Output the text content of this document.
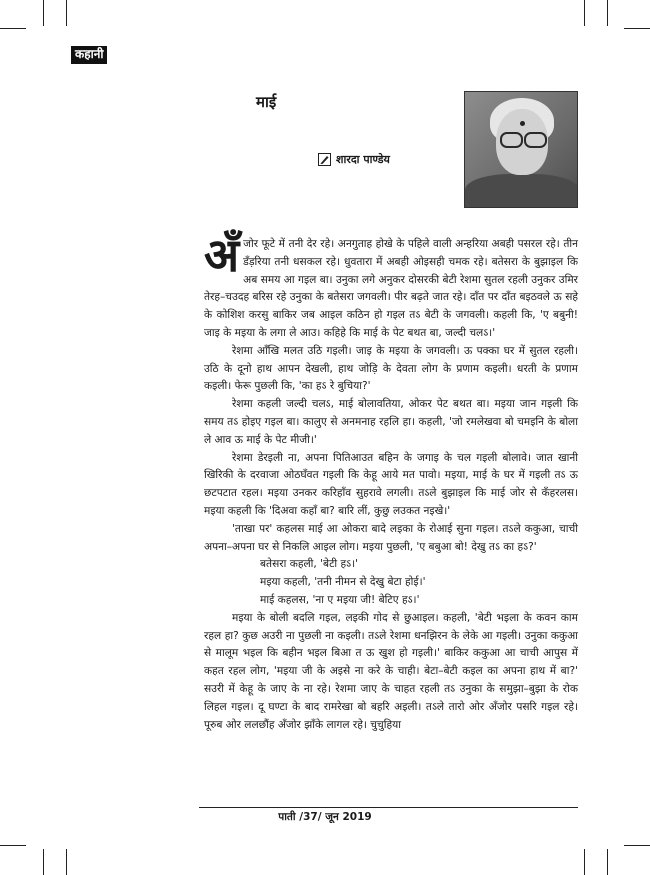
कहानी
माई
शारदा पाण्डेय

अँजोर फूटे में तनी देर रहे। अनगुताह होखे के पहिले वाली अन्हरिया अबही पसरल रहे। तीन डँड़रिया तनी धसकल रहे। धुवतारा में अबही ओइसही चमक रहे। बतेसरा के बुझाइल कि अब समय आ गइल बा। उनुका लगे अनुकर दोसरकी बेटी रेशमा सुतल रहली उनुकर उमिर तेरह–चउदह बरिस रहे उनुका के बतेसरा जगवली। पीर बढ़ते जात रहे। दाँत पर दाँत बइठवले ऊ सहे के कोशिश करसु बाकिर जब आइल कठिन हो गइल तऽ बेटी के जगवली। कहली कि, 'ए बबुनी! जाइ के मइया के लगा ले आउ। कहिहे कि माई के पेट बथत बा, जल्दी चलऽ।'

रेशमा आँखि मलत उठि गइली। जाइ के मइया के जगवली। ऊ पक्का घर में सुतल रहली। उठि के दूनो हाथ आपन देखली, हाथ जोड़ि के देवता लोग के प्रणाम कइली। धरती के प्रणाम कइली। फेरू पुछली कि, 'का हऽ रे बुचिया?'

रेशमा कहली जल्दी चलऽ, माई बोलावतिया, ओकर पेट बथत बा। मइया जान गइली कि समय तऽ होइए गइल बा। कालुए से अनमनाह रहलि हा। कहली, 'जो रमलेखवा बो चमइनि के बोला ले आव ऊ माई के पेट मीजी।'

रेशमा डेरइली ना, अपना पितिआउत बहिन के जगाइ के चल गइली बोलावे। जात खानी खिरिकी के दरवाजा ओठघँवत गइली कि केहू आये मत पावो। मइया, माई के घर में गइली तऽ ऊ छटपटात रहल। मइया उनकर करिहाँव सुहरावे लगली। तऽले बुझाइल कि माई जोर से कँहरलस। मइया कहली कि 'दिअवा कहाँ बा? बारि लीं, कुछु लउकत नइखे।'

'ताखा पर' कहलस माई आ ओकरा बादे लइका के रोआई सुना गइल। तऽले ककुआ, चाची अपना–अपना घर से निकलि आइल लोग। मइया पुछली, 'ए बबुआ बो! देखु तऽ का हऽ?'

बतेसरा कहली, 'बेटी हऽ।'

मइया कहली, 'तनी नीमन से देखु बेटा होई।'

माई कहलस, 'ना ए मइया जी! बेटिए हऽ।'

मइया के बोली बदलि गइल, लइकी गोद से छुआइल। कहली, 'बेटी भइला के कवन काम रहल हा? कुछ अउरी ना पुछली ना कइली। तऽले रेशमा धनझिरन के लेके आ गइली। उनुका ककुआ से मालूम भइल कि बहीन भइल बिआ त ऊ खुश हो गइली।' बाकिर ककुआ आ चाची आपुस में कहत रहल लोग, 'मइया जी के अइसे ना करे के चाही। बेटा–बेटी कइल का अपना हाथ में बा?' सउरी में केहू के जाए के ना रहे। रेशमा जाए के चाहत रहली तऽ उनुका के समुझा–बुझा के रोक लिहल गइल। दू घण्टा के बाद रामरेखा बो बहरि अइली। तऽले तारो ओर अँजोर पसरि गइल रहे। पूरुब ओर ललछौंह अँजोर झाँके लागल रहे। चुचुहिया

पाती /37/ जून 2019
